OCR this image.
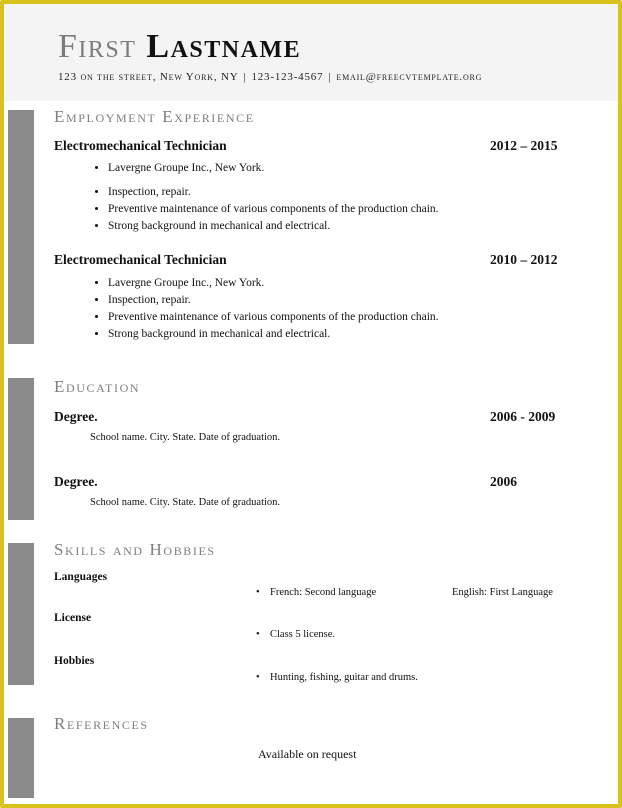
First Lastname
123 on the street, New York, NY | 123-123-4567 | email@freecvtemplate.org
Employment Experience
Electromechanical Technician	2012 – 2015
• Lavergne Groupe Inc., New York.
• Inspection, repair.
• Preventive maintenance of various components of the production chain.
• Strong background in mechanical and electrical.
Electromechanical Technician	2010 – 2012
• Lavergne Groupe Inc., New York.
• Inspection, repair.
• Preventive maintenance of various components of the production chain.
• Strong background in mechanical and electrical.
Education
Degree.	2006 - 2009
School name. City. State. Date of graduation.
Degree.	2006
School name. City. State. Date of graduation.
Skills and Hobbies
Languages
• French: Second language	English: First Language
License
• Class 5 license.
Hobbies
• Hunting, fishing, guitar and drums.
References
Available on request
